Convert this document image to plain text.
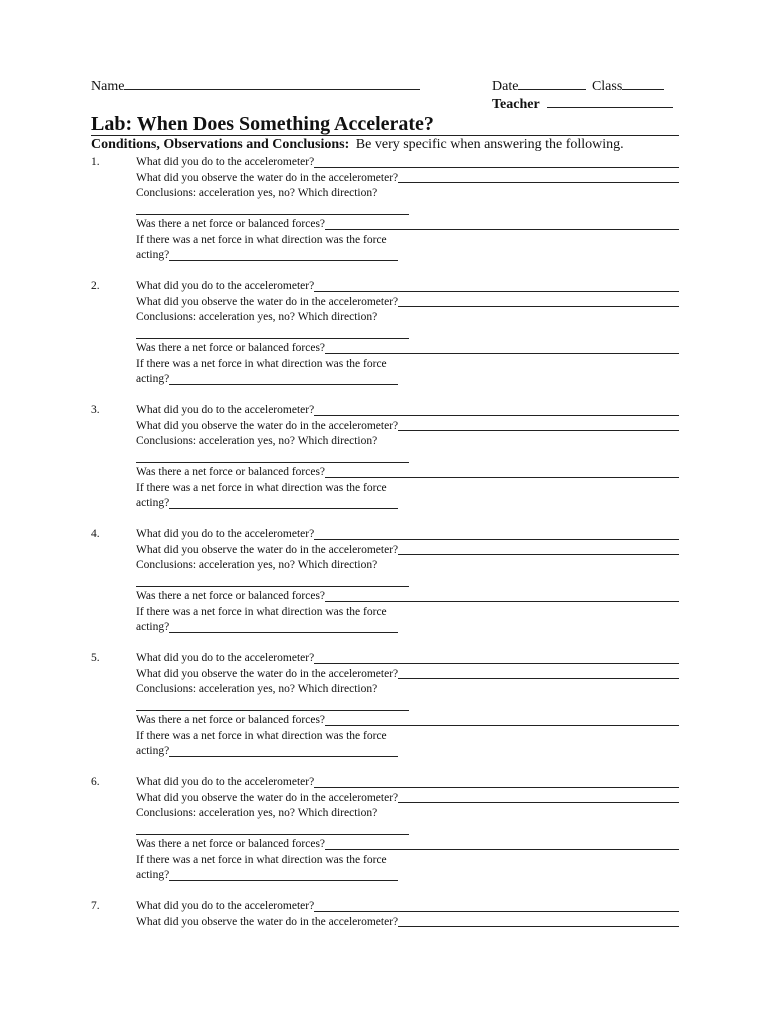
Name	Date	Class
Teacher
Lab: When Does Something Accelerate?
Conditions, Observations and Conclusions: Be very specific when answering the following.
1.	What did you do to the accelerometer?
What did you observe the water do in the accelerometer?
Conclusions: acceleration yes, no? Which direction?
Was there a net force or balanced forces?
If there was a net force in what direction was the force
acting?
2.	What did you do to the accelerometer?
What did you observe the water do in the accelerometer?
Conclusions: acceleration yes, no? Which direction?
Was there a net force or balanced forces?
If there was a net force in what direction was the force
acting?
3.	What did you do to the accelerometer?
What did you observe the water do in the accelerometer?
Conclusions: acceleration yes, no? Which direction?
Was there a net force or balanced forces?
If there was a net force in what direction was the force
acting?
4.	What did you do to the accelerometer?
What did you observe the water do in the accelerometer?
Conclusions: acceleration yes, no? Which direction?
Was there a net force or balanced forces?
If there was a net force in what direction was the force
acting?
5.	What did you do to the accelerometer?
What did you observe the water do in the accelerometer?
Conclusions: acceleration yes, no? Which direction?
Was there a net force or balanced forces?
If there was a net force in what direction was the force
acting?
6.	What did you do to the accelerometer?
What did you observe the water do in the accelerometer?
Conclusions: acceleration yes, no? Which direction?
Was there a net force or balanced forces?
If there was a net force in what direction was the force
acting?
7.	What did you do to the accelerometer?
What did you observe the water do in the accelerometer?
